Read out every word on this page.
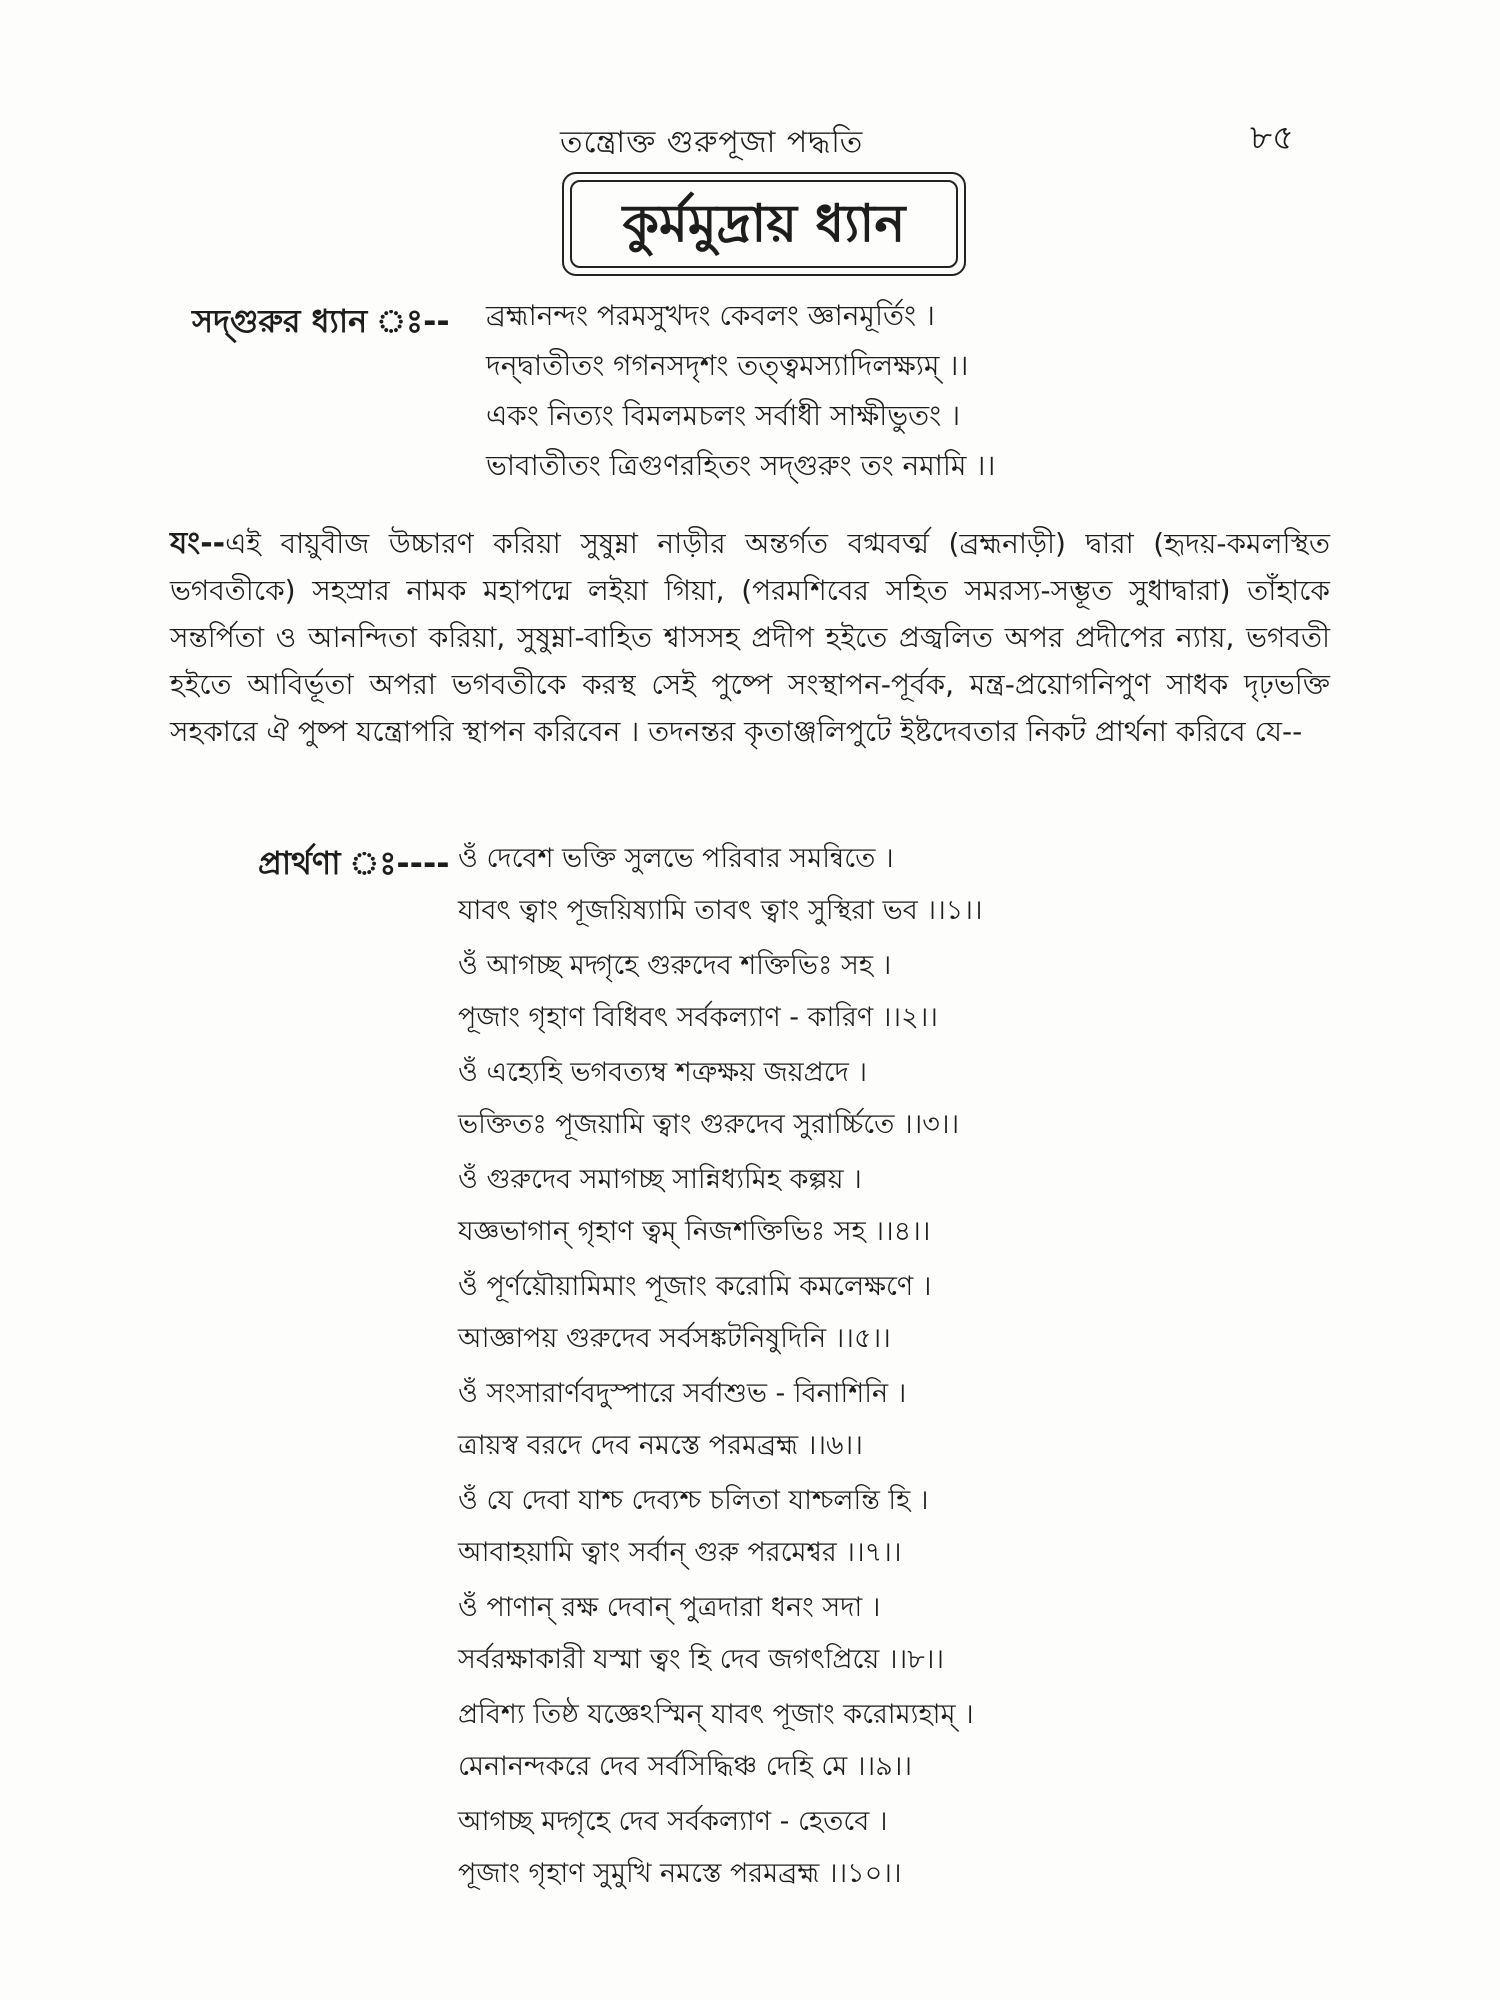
তন্ত্রোক্ত গুরুপূজা পদ্ধতি	৮৫
কুর্মমুদ্রায় ধ্যান
সদ্গুরুর ধ্যান ঃ-- ব্রহ্মানন্দং পরমসুখদং কেবলং জ্ঞানমূর্তিং ।
দন্দ্বাতীতং গগনসদৃশং তত্ত্বমস্যাদিলক্ষ্যম্ ।।
একং নিত্যং বিমলমচলং সর্বাধী সাক্ষীভুতং ।
ভাবাতীতং ত্রিগুণরহিতং সদ্গুরুং তং নমামি ।।
যং--এই বায়ুবীজ উচ্চারণ করিয়া সুষুম্না নাড়ীর অন্তর্গত বগ্মবর্ত্ম (ব্রহ্মনাড়ী) দ্বারা (হৃদয়-কমলস্থিত ভগবতীকে) সহস্রার নামক মহাপদ্মে লইয়া গিয়া, (পরমশিবের সহিত সমরস্য-সম্ভূত সুধাদ্বারা) তাঁহাকে সন্তর্পিতা ও আনন্দিতা করিয়া, সুষুম্না-বাহিত শ্বাসসহ প্রদীপ হইতে প্রজ্বলিত অপর প্রদীপের ন্যায়, ভগবতী হইতে আবির্ভূতা অপরা ভগবতীকে করস্থ সেই পুষ্পে সংস্থাপন-পূর্বক, মন্ত্র-প্রয়োগনিপুণ সাধক দৃঢ়ভক্তি সহকারে ঐ পুষ্প যন্ত্রোপরি স্থাপন করিবেন । তদনন্তর কৃতাঞ্জলিপুটে ইষ্টদেবতার নিকট প্রার্থনা করিবে যে--
প্রার্থণা ঃ---- ওঁ দেবেশ ভক্তি সুলভে পরিবার সমন্বিতে ।
যাবৎ ত্বাং পূজয়িষ্যামি তাবৎ ত্বাং সুস্থিরা ভব ।।১।।
ওঁ আগচ্ছ মদ্গৃহে গুরুদেব শক্তিভিঃ সহ ।
পূজাং গৃহাণ বিধিবৎ সর্বকল্যাণ - কারিণ ।।২।।
ওঁ এহ্যেহি ভগবত্যম্ব শত্রুক্ষয় জয়প্রদে ।
ভক্তিতঃ পূজয়ামি ত্বাং গুরুদেব সুরার্চ্চিতে ।।৩।।
ওঁ গুরুদেব সমাগচ্ছ সান্নিধ্যমিহ কল্পয় ।
যজ্ঞভাগান্ গৃহাণ ত্বম্ নিজশক্তিভিঃ সহ ।।৪।।
ওঁ পূর্ণয়ৌয়ামিমাং পূজাং করোমি কমলেক্ষণে ।
আজ্ঞাপয় গুরুদেব সর্বসঙ্কটনিষুদিনি ।।৫।।
ওঁ সংসারার্ণবদুস্পারে সর্বাশুভ - বিনাশিনি ।
ত্রায়স্ব বরদে দেব নমস্তে পরমব্রহ্ম ।।৬।।
ওঁ যে দেবা যাশ্চ দেব্যশ্চ চলিতা যাশ্চলন্তি হি ।
আবাহয়ামি ত্বাং সর্বান্ গুরু পরমেশ্বর ।।৭।।
ওঁ পাণান্ রক্ষ দেবান্ পুত্রদারা ধনং সদা ।
সর্বরক্ষাকারী যস্মা ত্বং হি দেব জগৎপ্রিয়ে ।।৮।।
প্রবিশ্য তিষ্ঠ যজ্ঞেঽস্মিন্ যাবৎ পূজাং করোম্যহাম্ ।
মেনানন্দকরে দেব সর্বসিদ্ধিঞ্চ দেহি মে ।।৯।।
আগচ্ছ মদ্গৃহে দেব সর্বকল্যাণ - হেতবে ।
পূজাং গৃহাণ সুমুখি নমস্তে পরমব্রহ্ম ।।১০।।
